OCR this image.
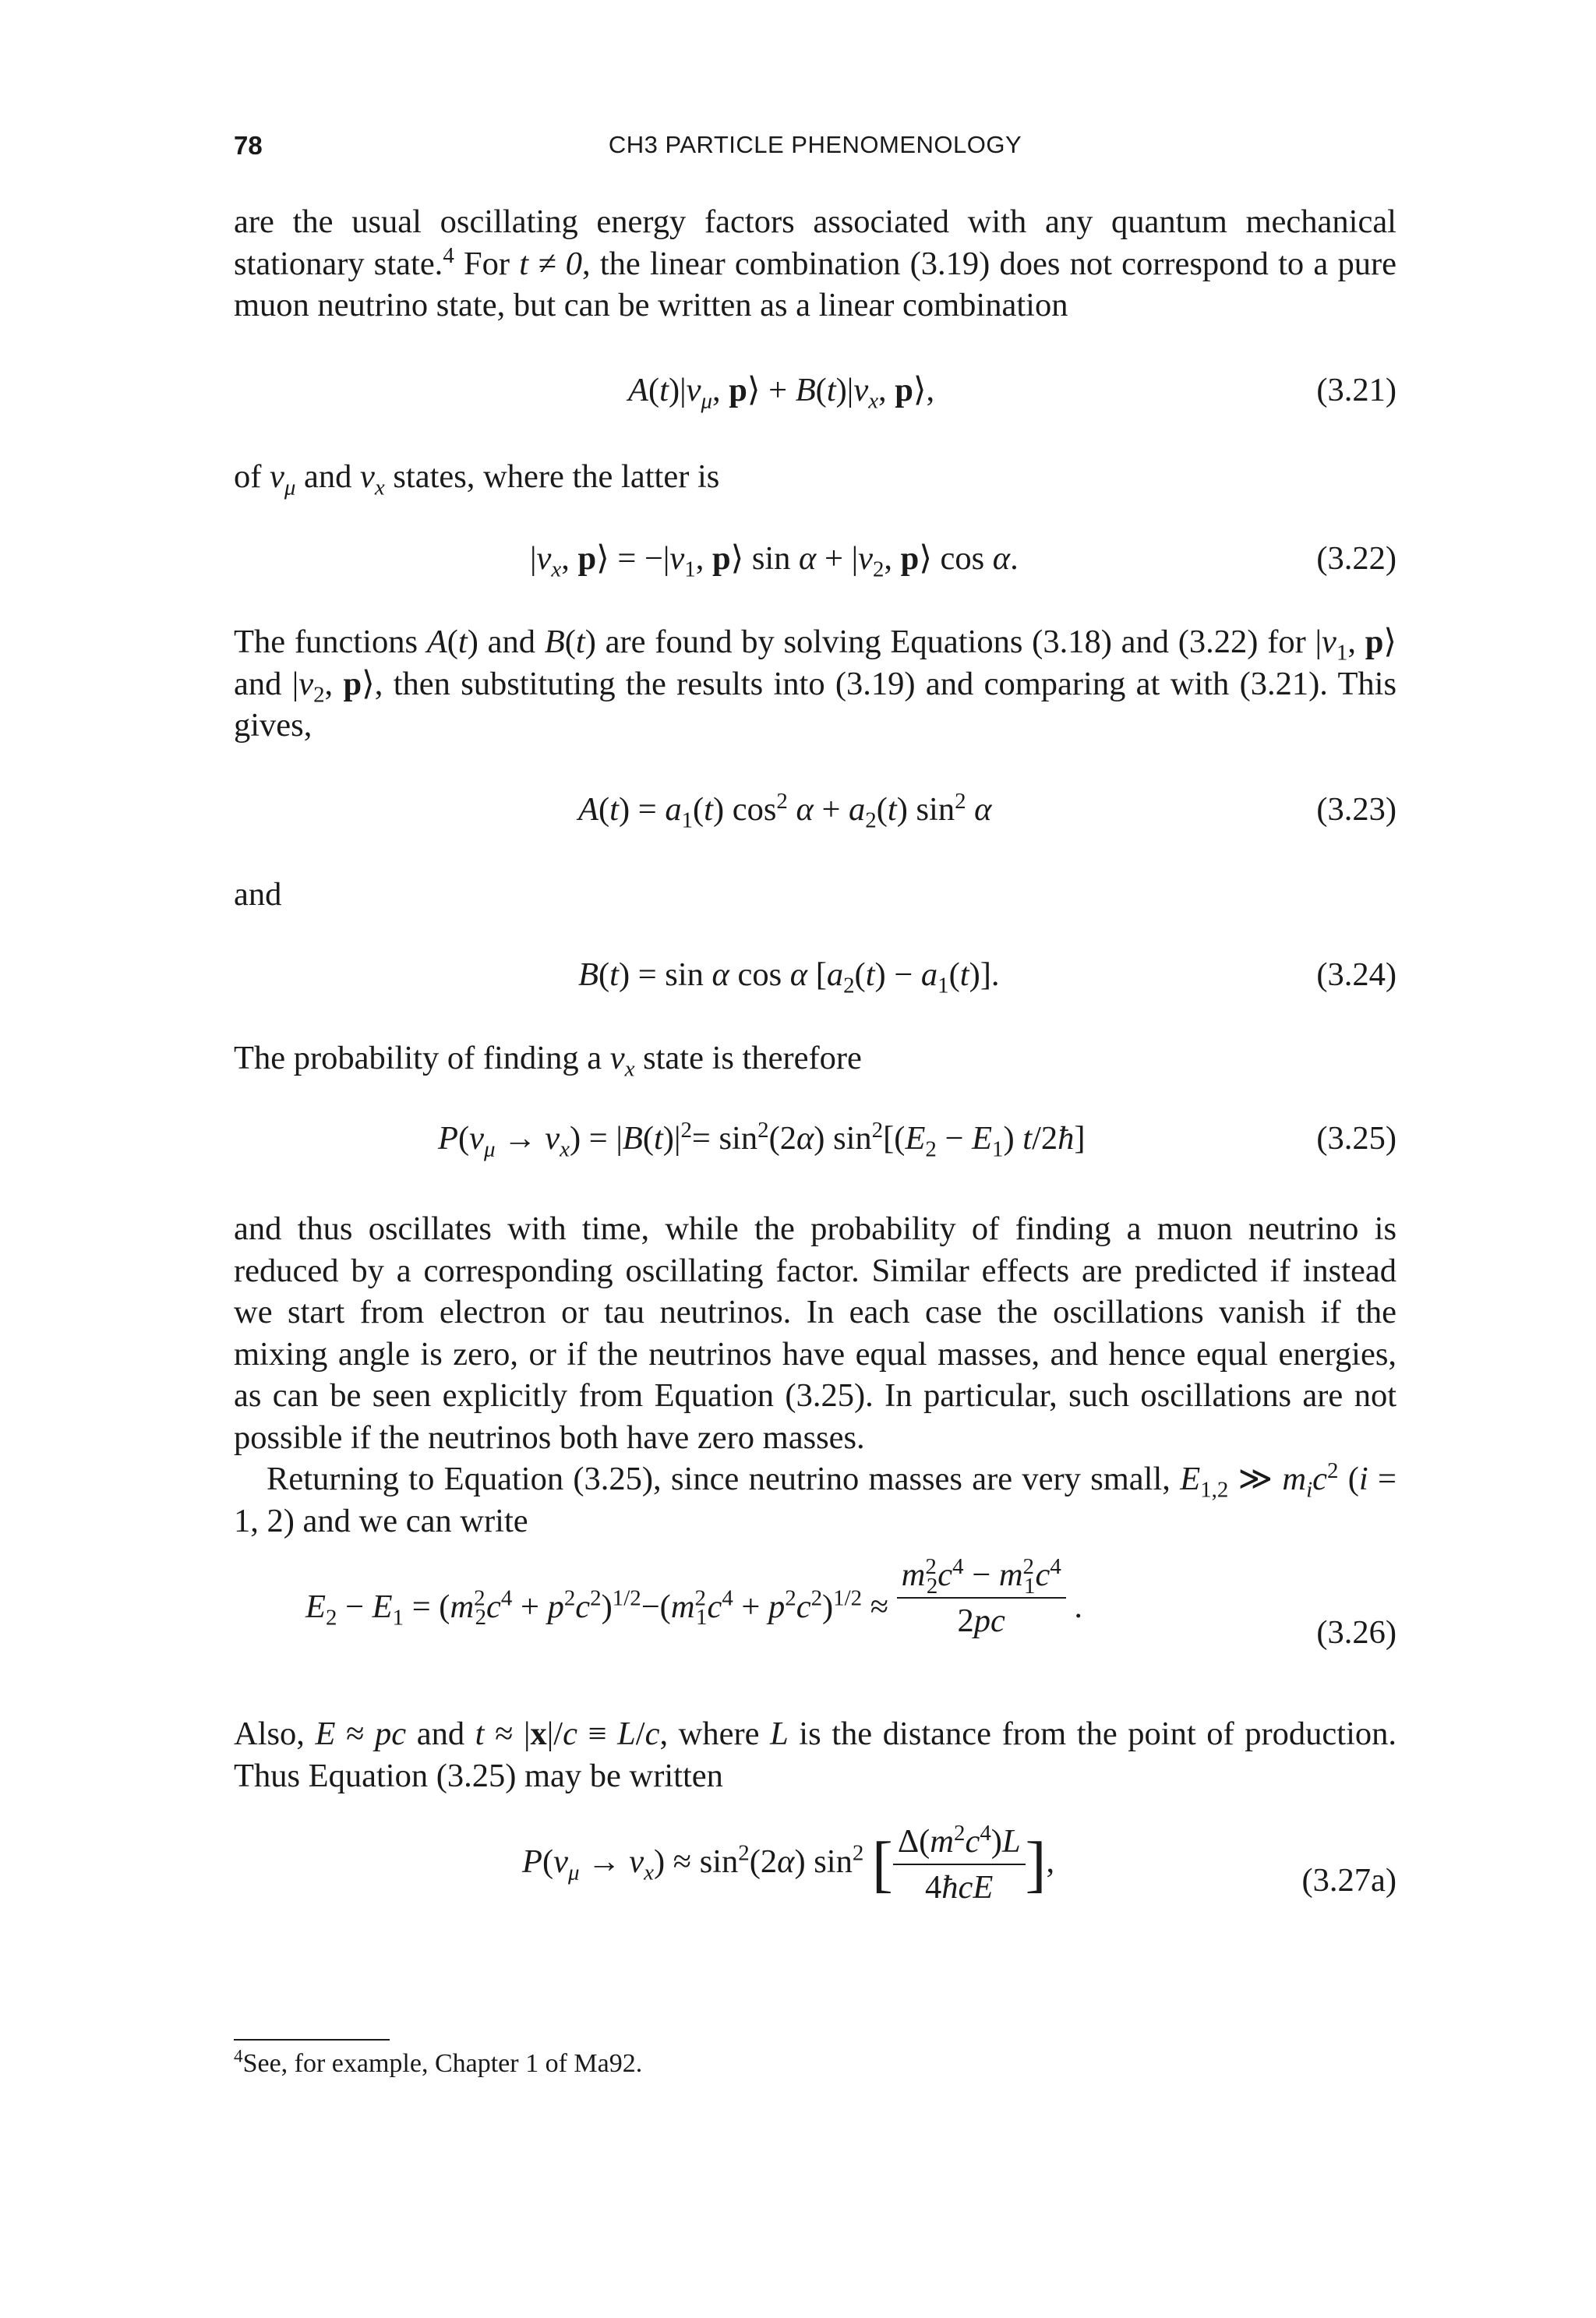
78	CH3 PARTICLE PHENOMENOLOGY
are the usual oscillating energy factors associated with any quantum mechanical stationary state.$^4$ For t ≠ 0, the linear combination (3.19) does not correspond to a pure muon neutrino state, but can be written as a linear combination
$A(t)|\nu_\mu$, p⟩ + $B(t)|\nu_x$, p⟩,	(3.21)
of $\nu_\mu$ and $\nu_x$ states, where the latter is
$|\nu_x$, p⟩ = $-|\nu_1$, p⟩ $\sin \alpha + |\nu_2$, p⟩ cos α.	(3.22)
The functions A(t) and B(t) are found by solving Equations (3.18) and (3.22) for $|\nu_1$, p⟩ and $|\nu_2$, p⟩, then substituting the results into (3.19) and comparing at with (3.21). This gives,
$A(t) = a_1(t)$ $\cos^2 \alpha + a_2(t)$ $\sin^2 \alpha$	(3.23)
and
B(t) = sin α cos α $[a_2(t) - a_1(t)]$.	(3.24)
The probability of finding a $\nu_x$ state is therefore
$P(\nu_\mu \to \nu_x) = |B(t)|^2= \sin^2(2\alpha) \sin^2[(E_2 - E_1)$ t/2ħ]	(3.25)
and thus oscillates with time, while the probability of finding a muon neutrino is reduced by a corresponding oscillating factor. Similar effects are predicted if instead we start from electron or tau neutrinos. In each case the oscillations vanish if the mixing angle is zero, or if the neutrinos have equal masses, and hence equal energies, as can be seen explicitly from Equation (3.25). In particular, such oscillations are not possible if the neutrinos both have zero masses.
Returning to Equation (3.25), since neutrino masses are very small, $E_{1,2}$ ≫ $m_ic^2$ (i = 1, 2) and we can write
$E_2 - E_1 = (m^2_2c^4 + p^2c^2)^{1/2}-(m^2_1c^4 + p^2c^2)^{1/2} \approx \frac{m^2_2c^4 - m^2_1c^4}{2pc}$ .
(3.26)
Also, E ≈ pc and t ≈ |x|/c ≡ L/c, where L is the distance from the point of production. Thus Equation (3.25) may be written
$P(\nu_\mu \to \nu_x) \approx \sin^2(2\alpha)$ $\sin^2$ [ $\frac{\Delta(m^2c^4)L}{\text{4ħcE}}$ ],
(3.27a)
$^4$See, for example, Chapter 1 of Ma92.
